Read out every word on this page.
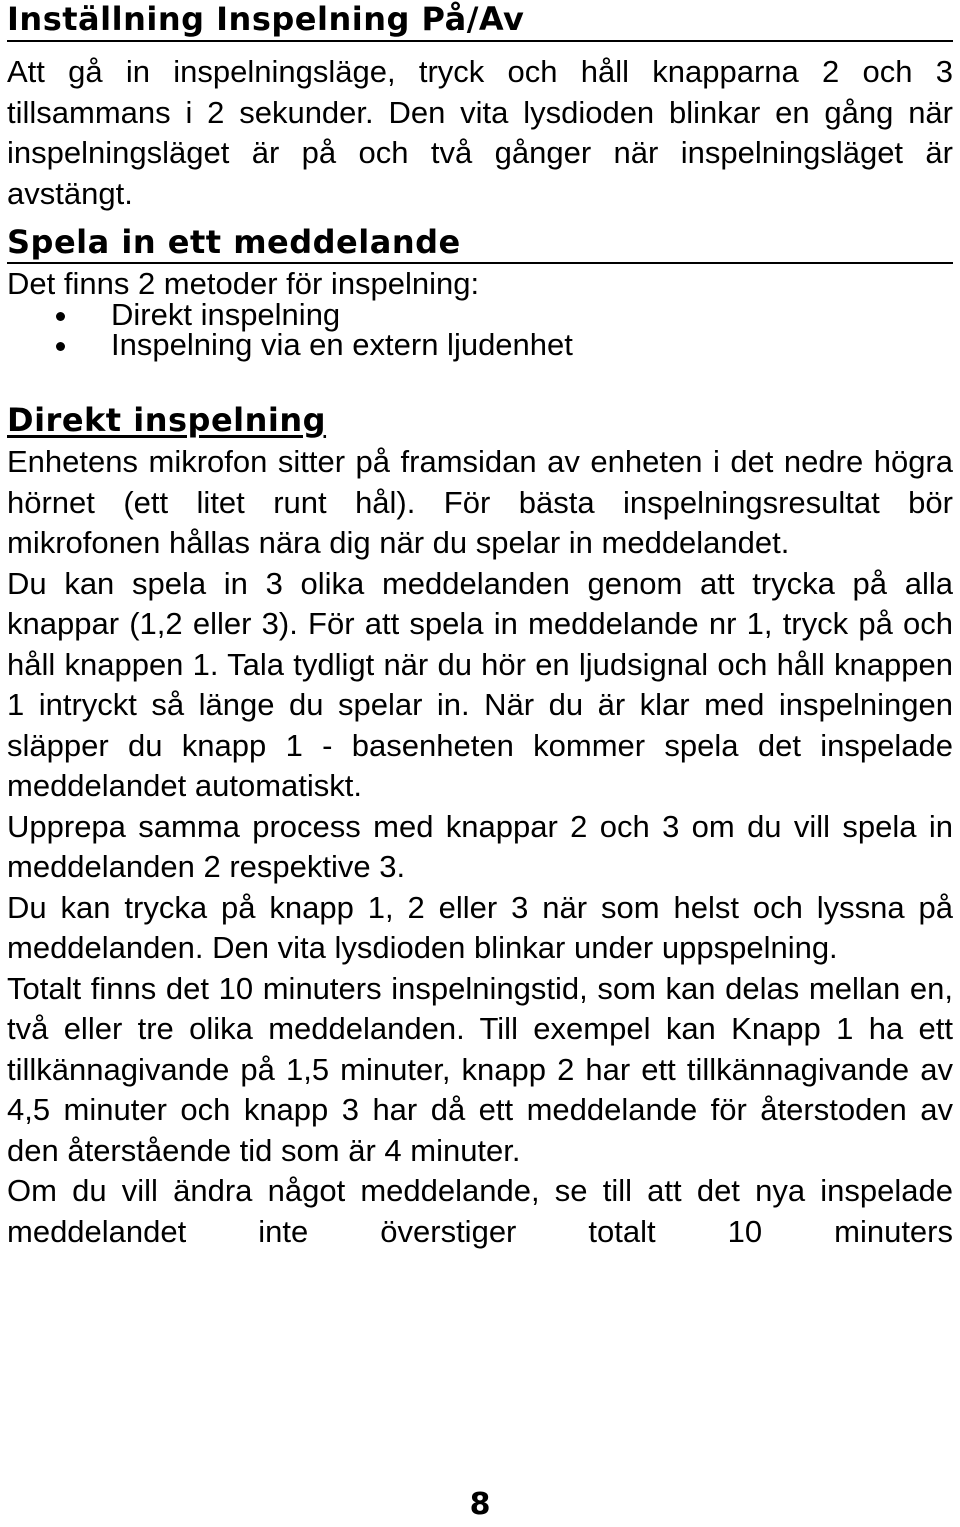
Inställning Inspelning På/Av

Att gå in inspelningsläge, tryck och håll knapparna 2 och 3 tillsammans i 2 sekunder. Den vita lysdioden blinkar en gång när inspelningsläget är på och två gånger när inspelningsläget är avstängt.

Spela in ett meddelande

Det finns 2 metoder för inspelning:

Direkt inspelning
Inspelning via en extern ljudenhet
Direkt inspelning

Enhetens mikrofon sitter på framsidan av enheten i det nedre högra hörnet (ett litet runt hål). För bästa inspelningsresultat bör mikrofonen hållas nära dig när du spelar in meddelandet.

Du kan spela in 3 olika meddelanden genom att trycka på alla knappar (1,2 eller 3). För att spela in meddelande nr 1, tryck på och håll knappen 1. Tala tydligt när du hör en ljudsignal och håll knappen 1 intryckt så länge du spelar in. När du är klar med inspelningen släpper du knapp 1 - basenheten kommer spela det inspelade meddelandet automatiskt.

Upprepa samma process med knappar 2 och 3 om du vill spela in meddelanden 2 respektive 3.

Du kan trycka på knapp 1, 2 eller 3 när som helst och lyssna på meddelanden. Den vita lysdioden blinkar under uppspelning.

Totalt finns det 10 minuters inspelningstid, som kan delas mellan en, två eller tre olika meddelanden. Till exempel kan Knapp 1 ha ett tillkännagivande på 1,5 minuter, knapp 2 har ett tillkännagivande av 4,5 minuter och knapp 3 har då ett meddelande för återstoden av den återstående tid som är 4 minuter.

Om du vill ändra något meddelande, se till att det nya inspelade meddelandet inte överstiger totalt 10 minuters

8
